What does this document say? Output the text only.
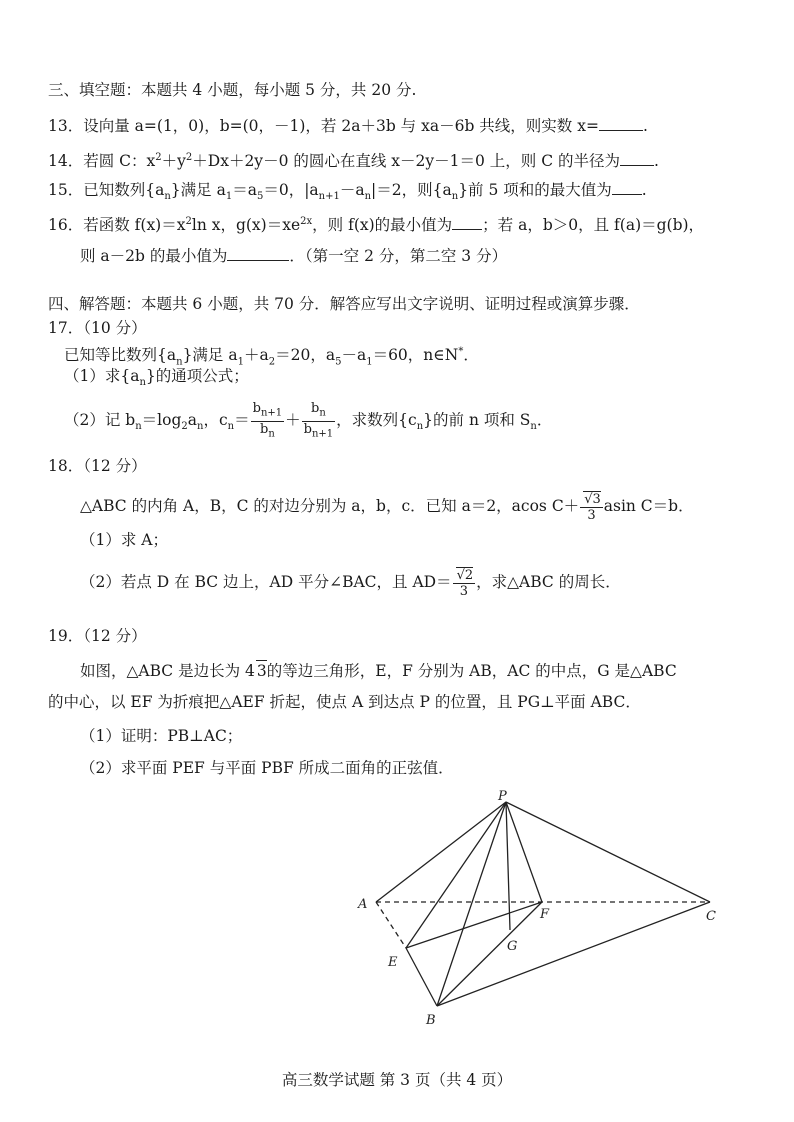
三、填空题：本题共 4 小题，每小题 5 分，共 20 分.
13．设向量 a=(1，0)，b=(0，－1)，若 2a＋3b 与 xa－6b 共线，则实数 x=	.
14．若圆 C：$x^2+y^2+Dx+2y-0$ 的圆心在直线 x－2y－1＝0 上，则 C 的半径为 .
15．已知数列$\{a_n\}$满足 $a_1=a_5=0$，$|a_{n+1}-a_n|=2$，则$\{a_n\}$前 5 项和的最大值为 .
16．若函数 $f(x)=x^2\ln$ x，$g(x)=xe^{2x}$，则 f(x)的最小值为 ；若 a，b＞0，且 f(a)＝g(b)，
则 a－2b 的最小值为	．（第一空 2 分，第二空 3 分）
四、解答题：本题共 6 小题，共 70 分．解答应写出文字说明、证明过程或演算步骤．
17．（10 分）
已知等比数列$\{a_n\}$满足 $a_1+a_2=20$，$a_5-a_1=60$，n∈N*．
（1）求$\{a_n\}$的通项公式；
（2）记 $b_n=\log_2a_n$，$c_n= \frac{b_{n+1}}{b_n} + \frac{b_n}{b_{n+1}}$ ，求数列$\{c_n\}$的前 n 项和 $S_n$．
18．（12 分）
△ABC 的内角 A，B，C 的对边分别为 a，b，c．已知 a＝2，acos $C+ \frac{√3}{3}$ asin C＝b．
（1）求 A；
（2）若点 D 在 BC 边上，AD 平分∠BAC，且 $AD= \frac{√2}{3}$ ，求△ABC 的周长．
19．（12 分）
如图，△ABC 是边长为 4 3的等边三角形，E，F 分别为 AB，AC 的中点，G 是△ABC
的中心，以 EF 为折痕把△AEF 折起，使点 A 到达点 P 的位置，且 PG⊥平面 ABC．
（1）证明：PB⊥AC；
（2）求平面 PEF 与平面 PBF 所成二面角的正弦值．
P
A
F	C
G
E
B
高三数学试题 第 3 页（共 4 页）
